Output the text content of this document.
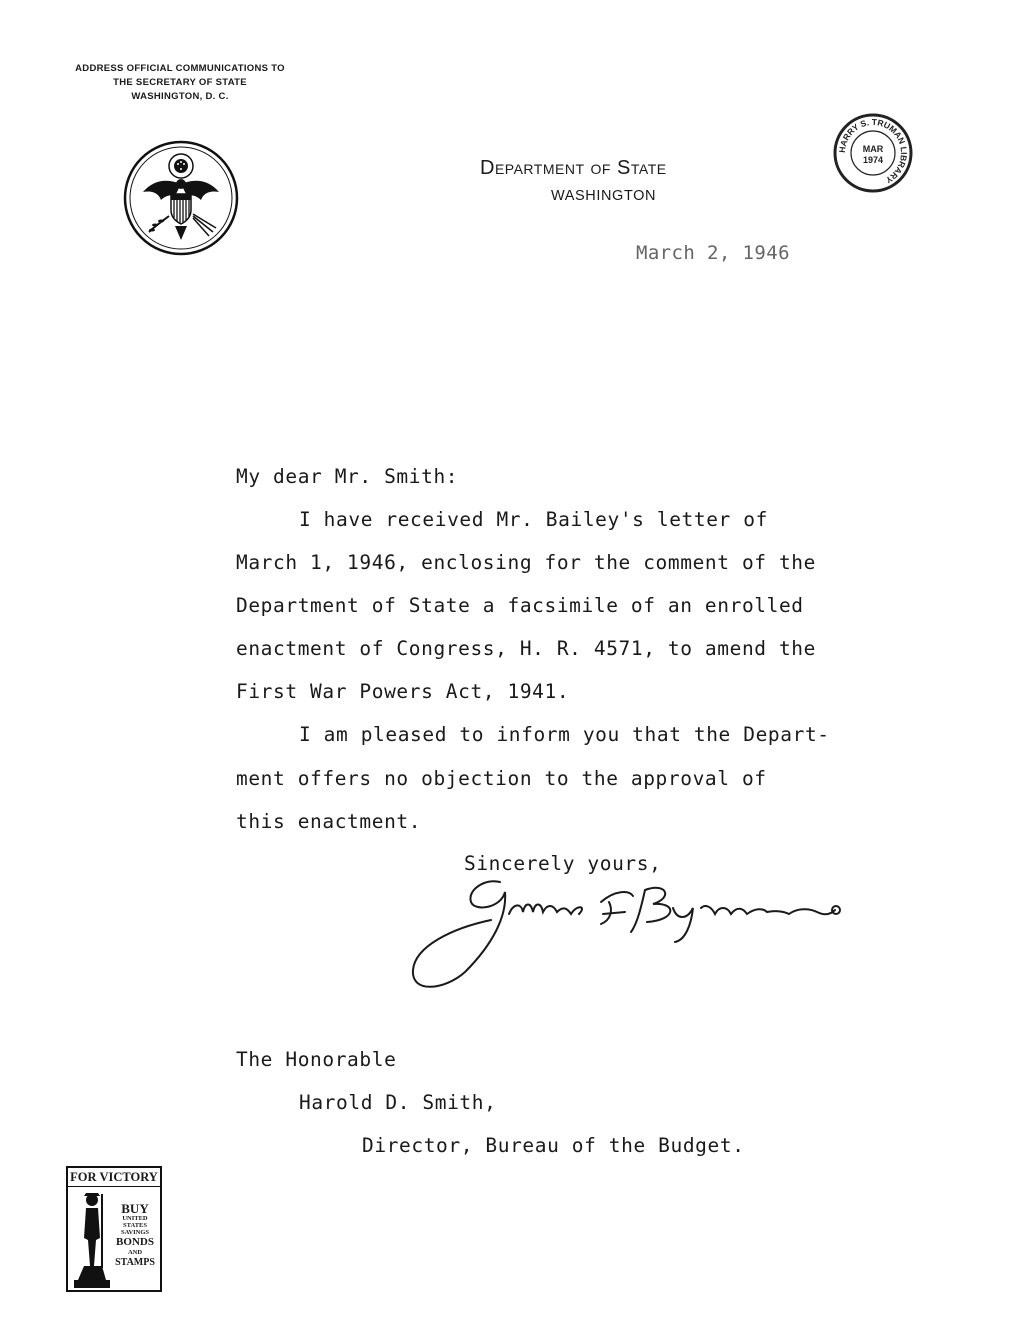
ADDRESS OFFICIAL COMMUNICATIONS TO
THE SECRETARY OF STATE
WASHINGTON, D. C.
Department of State
WASHINGTON
HARRY S. TRUMAN LIBRARY
MAR
1974
March 2, 1946
My dear Mr. Smith:
I have received Mr. Bailey's letter of
March 1, 1946, enclosing for the comment of the
Department of State a facsimile of an enrolled
enactment of Congress, H. R. 4571, to amend the
First War Powers Act, 1941.
I am pleased to inform you that the Depart-
ment offers no objection to the approval of
this enactment.
Sincerely yours,
The Honorable
Harold D. Smith,
Director, Bureau of the Budget.
FOR VICTORY
BUY
UNITED
STATES
SAVINGS
BONDS
AND
STAMPS
